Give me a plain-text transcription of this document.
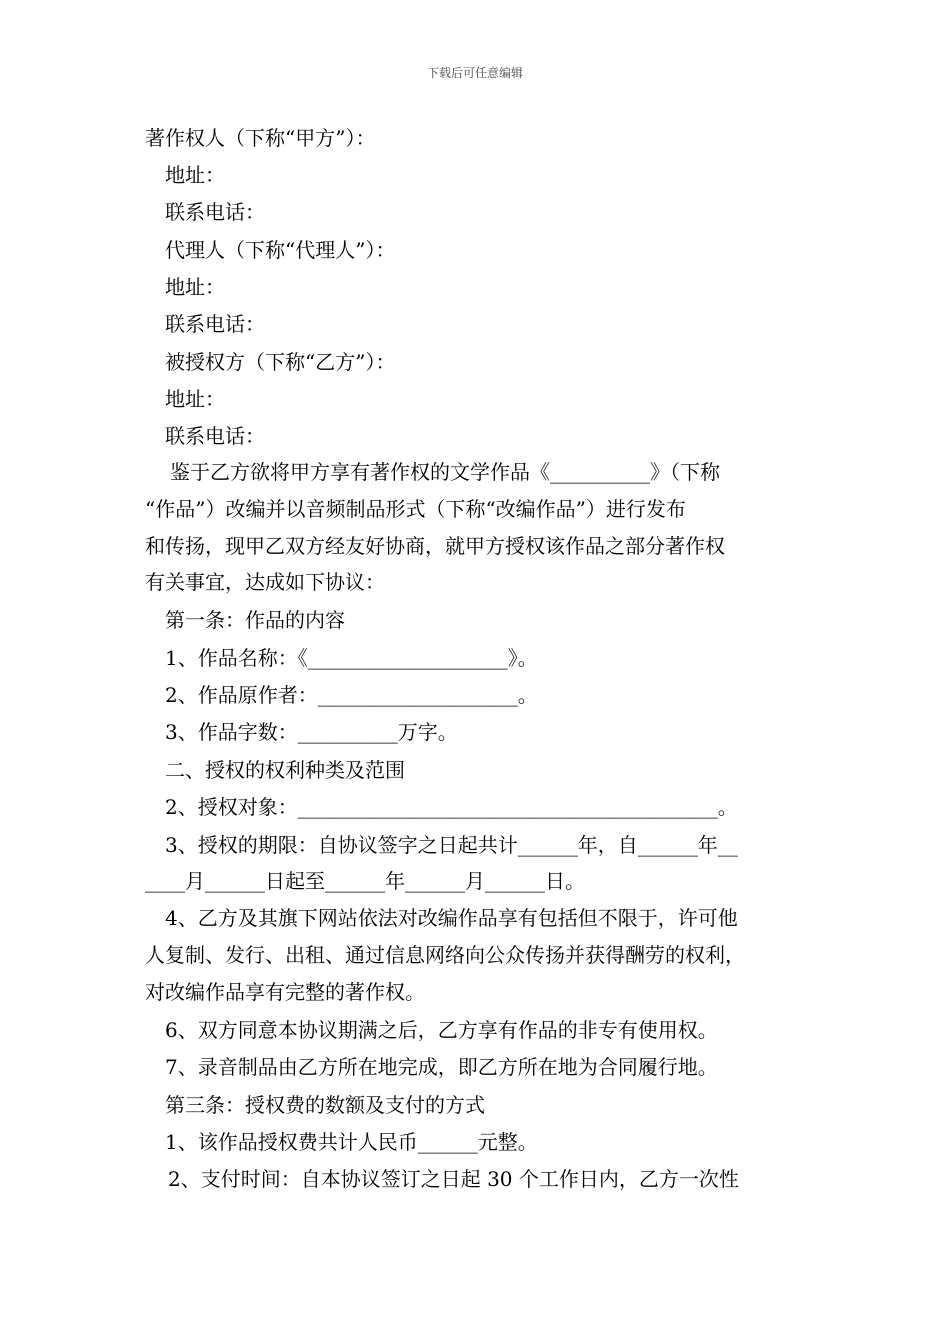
下载后可任意编辑
著作权人（下称“甲方”）：
地址：
联系电话：
代理人（下称“代理人”）：
地址：
联系电话：
被授权方（下称“乙方”）：
地址：
联系电话：
鉴于乙方欲将甲方享有著作权的文学作品《__________》（下称
“作品”）改编并以音频制品形式（下称“改编作品”）进行发布
和传扬，现甲乙双方经友好协商，就甲方授权该作品之部分著作权
有关事宜，达成如下协议：
第一条：作品的内容
1、作品名称：《____________________》。
2、作品原作者：____________________。
3、作品字数：__________万字。
二、授权的权利种类及范围
2、授权对象：__________________________________________。
3、授权的期限：自协议签字之日起共计______年，自______年__
____月______日起至______年______月______日。
4、乙方及其旗下网站依法对改编作品享有包括但不限于，许可他
人复制、发行、出租、通过信息网络向公众传扬并获得酬劳的权利，
对改编作品享有完整的著作权。
6、双方同意本协议期满之后，乙方享有作品的非专有使用权。
7、录音制品由乙方所在地完成，即乙方所在地为合同履行地。
第三条：授权费的数额及支付的方式
1、该作品授权费共计人民币______元整。
2、支付时间：自本协议签订之日起 30 个工作日内，乙方一次性
